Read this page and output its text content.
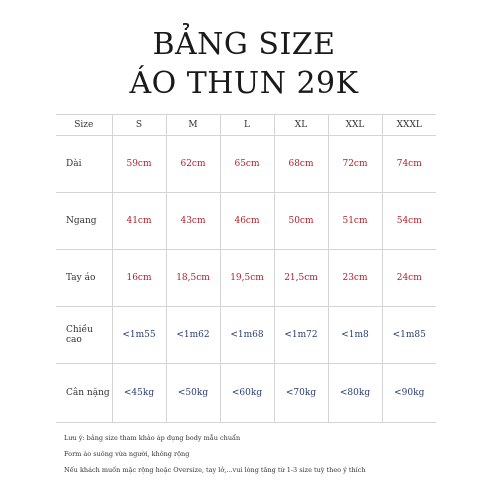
BẢNG SIZE
ÁO THUN 29K
Size	S	M	L	XL	XXL	XXXL
Dài	59cm	62cm	65cm	68cm	72cm	74cm
Ngang	41cm	43cm	46cm	50cm	51cm	54cm
Tay áo	16cm	18,5cm	19,5cm	21,5cm	23cm	24cm
Chiều cao	<1m55	<1m62	<1m68	<1m72	<1m8	<1m85
Cân nặng	<45kg	<50kg	<60kg	<70kg	<80kg	<90kg
Lưu ý: bảng size tham khảo áp dụng body mẫu chuẩn
Form áo suông vừa người, không rộng
Nếu khách muốn mặc rộng hoặc Oversize, tay lở,...vui lòng tăng từ 1-3 size tuỳ theo ý thích
